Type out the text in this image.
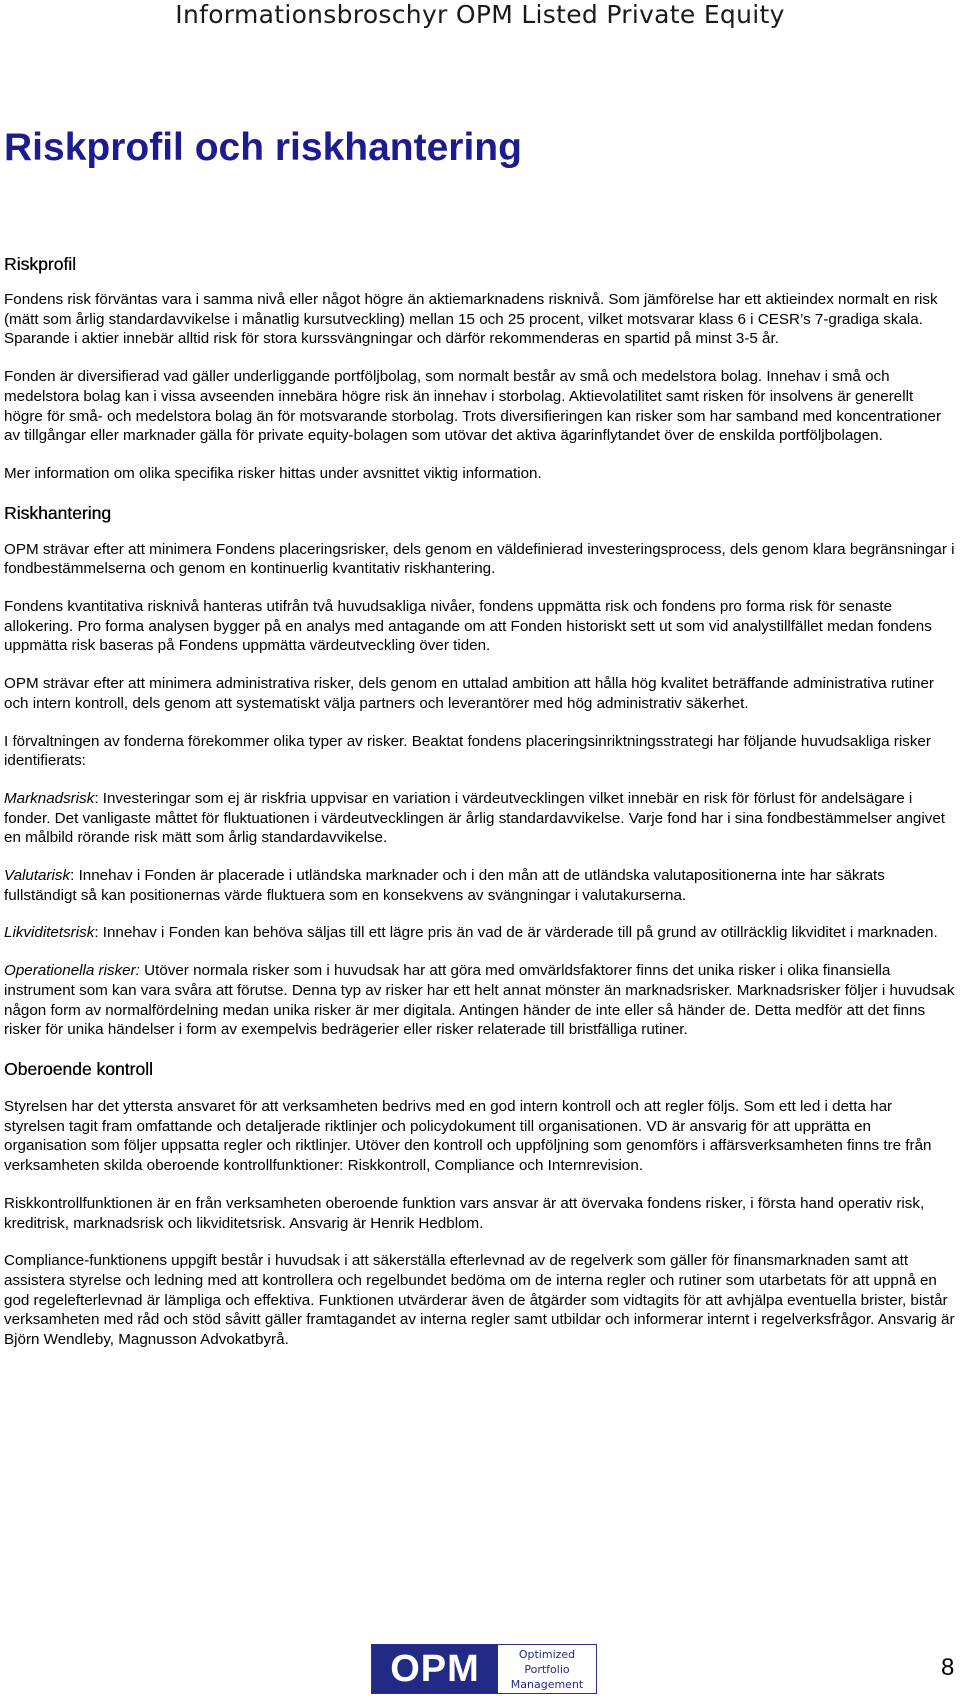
Informationsbroschyr OPM Listed Private Equity
Riskprofil och riskhantering
Riskprofil

Fondens risk förväntas vara i samma nivå eller något högre än aktiemarknadens risknivå. Som jämförelse har ett aktieindex normalt en risk (mätt som årlig standardavvikelse i månatlig kursutveckling) mellan 15 och 25 procent, vilket motsvarar klass 6 i CESR’s 7-gradiga skala. Sparande i aktier innebär alltid risk för stora kurssvängningar och därför rekommenderas en spartid på minst 3-5 år.

Fonden är diversifierad vad gäller underliggande portföljbolag, som normalt består av små och medelstora bolag. Innehav i små och medelstora bolag kan i vissa avseenden innebära högre risk än innehav i storbolag. Aktievolatilitet samt risken för insolvens är generellt högre för små- och medelstora bolag än för motsvarande storbolag. Trots diversifieringen kan risker som har samband med koncentrationer av tillgångar eller marknader gälla för private equity-bolagen som utövar det aktiva ägarinflytandet över de enskilda portföljbolagen.

Mer information om olika specifika risker hittas under avsnittet viktig information.

Riskhantering

OPM strävar efter att minimera Fondens placeringsrisker, dels genom en väldefinierad investeringsprocess, dels genom klara begränsningar i fondbestämmelserna och genom en kontinuerlig kvantitativ riskhantering.

Fondens kvantitativa risknivå hanteras utifrån två huvudsakliga nivåer, fondens uppmätta risk och fondens pro forma risk för senaste allokering. Pro forma analysen bygger på en analys med antagande om att Fonden historiskt sett ut som vid analystillfället medan fondens uppmätta risk baseras på Fondens uppmätta värdeutveckling över tiden.

OPM strävar efter att minimera administrativa risker, dels genom en uttalad ambition att hålla hög kvalitet beträffande administrativa rutiner och intern kontroll, dels genom att systematiskt välja partners och leverantörer med hög administrativ säkerhet.

I förvaltningen av fonderna förekommer olika typer av risker. Beaktat fondens placeringsinriktningsstrategi har följande huvudsakliga risker identifierats:

Marknadsrisk: Investeringar som ej är riskfria uppvisar en variation i värdeutvecklingen vilket innebär en risk för förlust för andelsägare i fonder. Det vanligaste måttet för fluktuationen i värdeutvecklingen är årlig standardavvikelse. Varje fond har i sina fondbestämmelser angivet en målbild rörande risk mätt som årlig standardavvikelse.

Valutarisk: Innehav i Fonden är placerade i utländska marknader och i den mån att de utländska valutapositionerna inte har säkrats fullständigt så kan positionernas värde fluktuera som en konsekvens av svängningar i valutakurserna.

Likviditetsrisk: Innehav i Fonden kan behöva säljas till ett lägre pris än vad de är värderade till på grund av otillräcklig likviditet i marknaden.

Operationella risker: Utöver normala risker som i huvudsak har att göra med omvärldsfaktorer finns det unika risker i olika finansiella instrument som kan vara svåra att förutse. Denna typ av risker har ett helt annat mönster än marknadsrisker. Marknadsrisker följer i huvudsak någon form av normalfördelning medan unika risker är mer digitala. Antingen händer de inte eller så händer de. Detta medför att det finns risker för unika händelser i form av exempelvis bedrägerier eller risker relaterade till bristfälliga rutiner.

Oberoende kontroll

Styrelsen har det yttersta ansvaret för att verksamheten bedrivs med en god intern kontroll och att regler följs. Som ett led i detta har styrelsen tagit fram omfattande och detaljerade riktlinjer och policydokument till organisationen. VD är ansvarig för att upprätta en organisation som följer uppsatta regler och riktlinjer. Utöver den kontroll och uppföljning som genomförs i affärsverksamheten finns tre från verksamheten skilda oberoende kontrollfunktioner: Riskkontroll, Compliance och Internrevision.

Riskkontrollfunktionen är en från verksamheten oberoende funktion vars ansvar är att övervaka fondens risker, i första hand operativ risk, kreditrisk, marknadsrisk och likviditetsrisk. Ansvarig är Henrik Hedblom.

Compliance-funktionens uppgift består i huvudsak i att säkerställa efterlevnad av de regelverk som gäller för finansmarknaden samt att assistera styrelse och ledning med att kontrollera och regelbundet bedöma om de interna regler och rutiner som utarbetats för att uppnå en god regelefterlevnad är lämpliga och effektiva. Funktionen utvärderar även de åtgärder som vidtagits för att avhjälpa eventuella brister, bistår verksamheten med råd och stöd såvitt gäller framtagandet av interna regler samt utbildar och informerar internt i regelverksfrågor. Ansvarig är Björn Wendleby, Magnusson Advokatbyrå.

OPM	Optimized
Portfolio
Management
8
